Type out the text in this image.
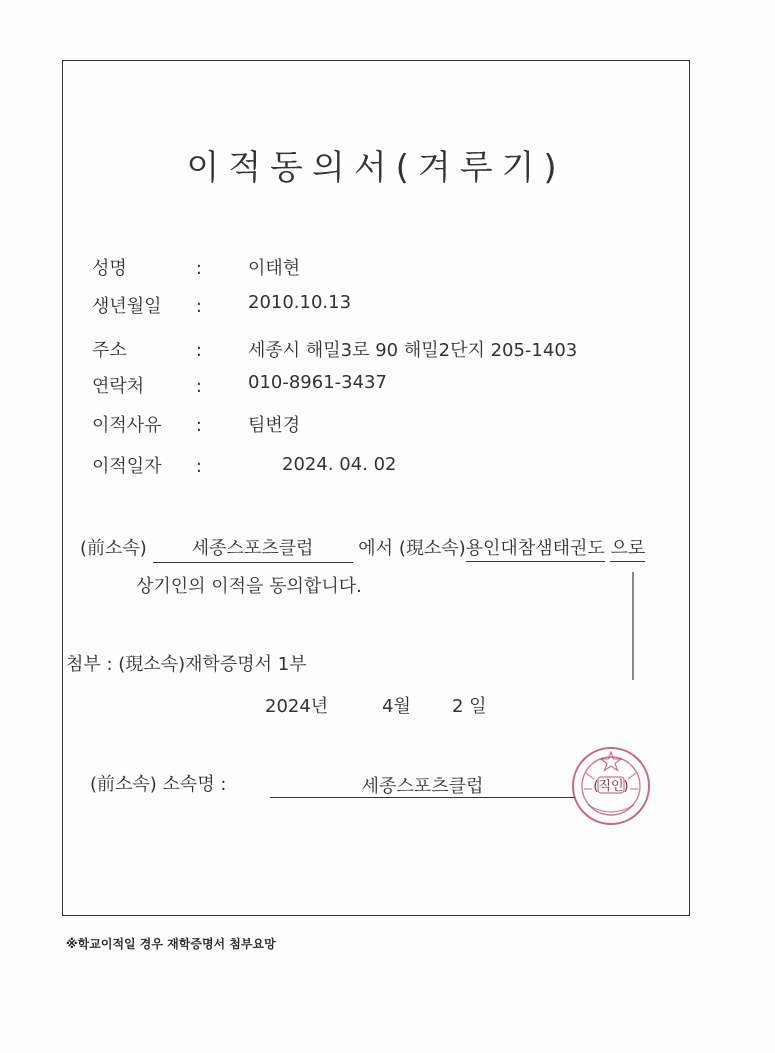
이적동의서(겨루기)
성명 :	이태현
생년월일 :	2010.10.13
주소 :	세종시 해밀3로 90 해밀2단지 205-1403
연락처 :	010-8961-3437
이적사유 :	팀변경
이적일자 :	2024. 04. 02
(前소속) 세종스포츠클럽 에서 (現소속)용인대참샘태권도 으로
상기인의 이적을 동의합니다.
첨부 : (現소속)재학증명서 1부
2024년	4월 2 일
(前소속) 소속명 :	세종스포츠클럽	(직인)
※학교이적일 경우 재학증명서 첨부요망
